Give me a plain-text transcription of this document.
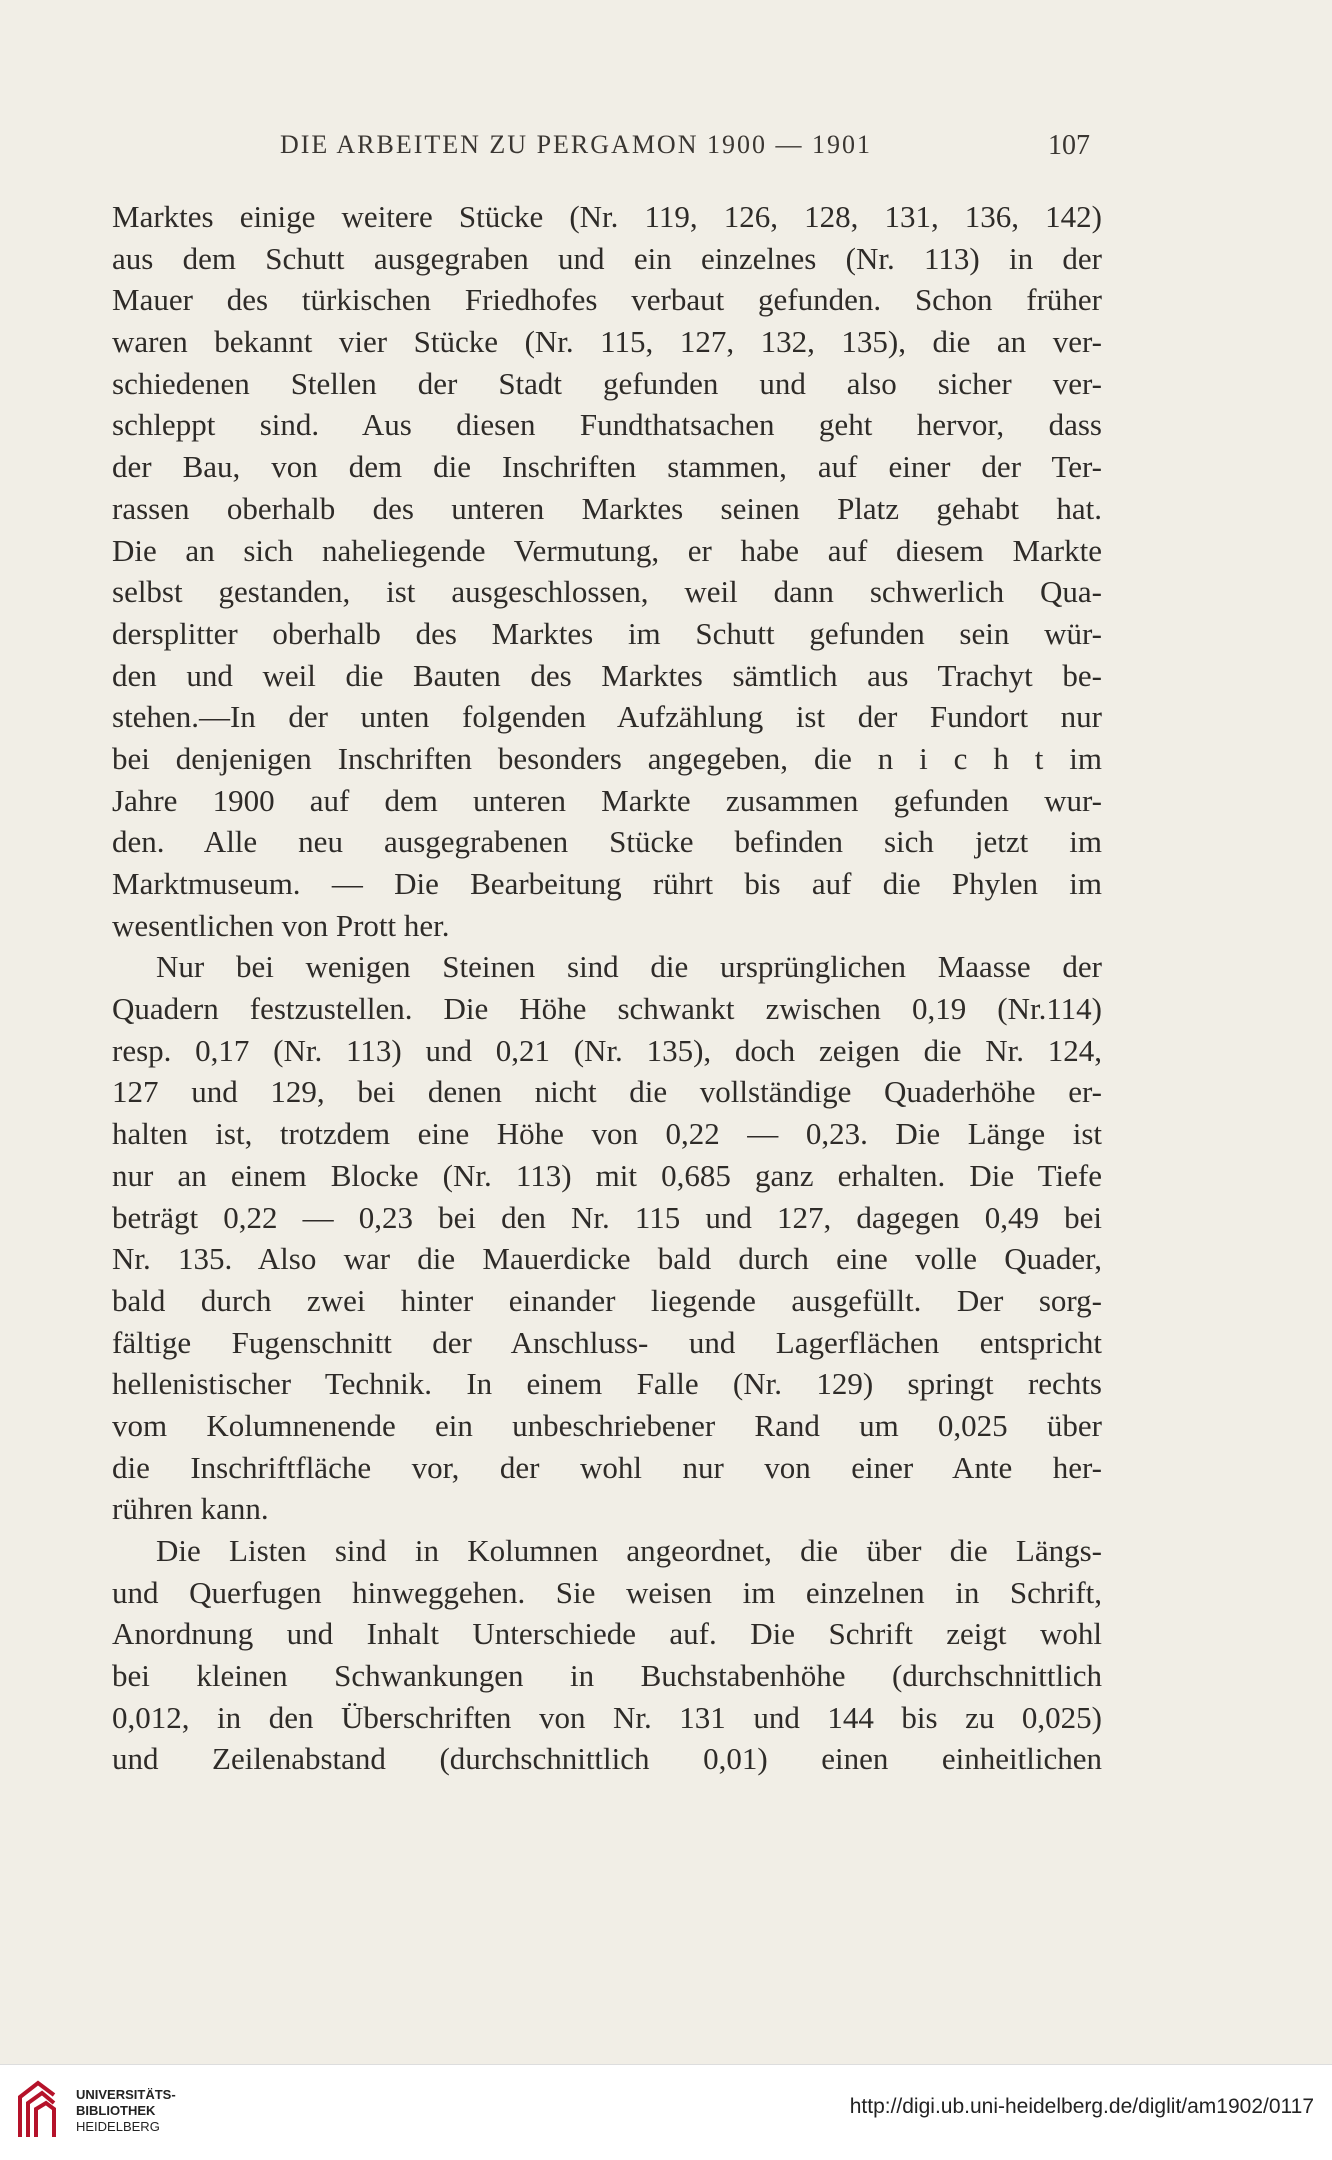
DIE ARBEITEN ZU PERGAMON 1900 — 1901	107
Marktes einige weitere Stücke (Nr. 119, 126, 128, 131, 136, 142)
aus dem Schutt ausgegraben und ein einzelnes (Nr. 113) in der
Mauer des türkischen Friedhofes verbaut gefunden. Schon früher
waren bekannt vier Stücke (Nr. 115, 127, 132, 135), die an ver-
schiedenen Stellen der Stadt gefunden und also sicher ver-
schleppt sind. Aus diesen Fundthatsachen geht hervor, dass
der Bau, von dem die Inschriften stammen, auf einer der Ter-
rassen oberhalb des unteren Marktes seinen Platz gehabt hat.
Die an sich naheliegende Vermutung, er habe auf diesem Markte
selbst gestanden, ist ausgeschlossen, weil dann schwerlich Qua-
dersplitter oberhalb des Marktes im Schutt gefunden sein wür-
den und weil die Bauten des Marktes sämtlich aus Trachyt be-
stehen.—In der unten folgenden Aufzählung ist der Fundort nur
bei denjenigen Inschriften besonders angegeben, die n i c h t im
Jahre 1900 auf dem unteren Markte zusammen gefunden wur-
den. Alle neu ausgegrabenen Stücke befinden sich jetzt im
Marktmuseum. — Die Bearbeitung rührt bis auf die Phylen im
wesentlichen von Prott her.
Nur bei wenigen Steinen sind die ursprünglichen Maasse der
Quadern festzustellen. Die Höhe schwankt zwischen 0,19 (Nr.114)
resp. 0,17 (Nr. 113) und 0,21 (Nr. 135), doch zeigen die Nr. 124,
127 und 129, bei denen nicht die vollständige Quaderhöhe er-
halten ist, trotzdem eine Höhe von 0,22 — 0,23. Die Länge ist
nur an einem Blocke (Nr. 113) mit 0,685 ganz erhalten. Die Tiefe
beträgt 0,22 — 0,23 bei den Nr. 115 und 127, dagegen 0,49 bei
Nr. 135. Also war die Mauerdicke bald durch eine volle Quader,
bald durch zwei hinter einander liegende ausgefüllt. Der sorg-
fältige Fugenschnitt der Anschluss- und Lagerflächen entspricht
hellenistischer Technik. In einem Falle (Nr. 129) springt rechts
vom Kolumnenende ein unbeschriebener Rand um 0,025 über
die Inschriftfläche vor, der wohl nur von einer Ante her-
rühren kann.
Die Listen sind in Kolumnen angeordnet, die über die Längs-
und Querfugen hinweggehen. Sie weisen im einzelnen in Schrift,
Anordnung und Inhalt Unterschiede auf. Die Schrift zeigt wohl
bei kleinen Schwankungen in Buchstabenhöhe (durchschnittlich
0,012, in den Überschriften von Nr. 131 und 144 bis zu 0,025)
und Zeilenabstand (durchschnittlich 0,01) einen einheitlichen
UNIVERSITÄTS-
BIBLIOTHEK
HEIDELBERG
http://digi.ub.uni-heidelberg.de/diglit/am1902/0117
